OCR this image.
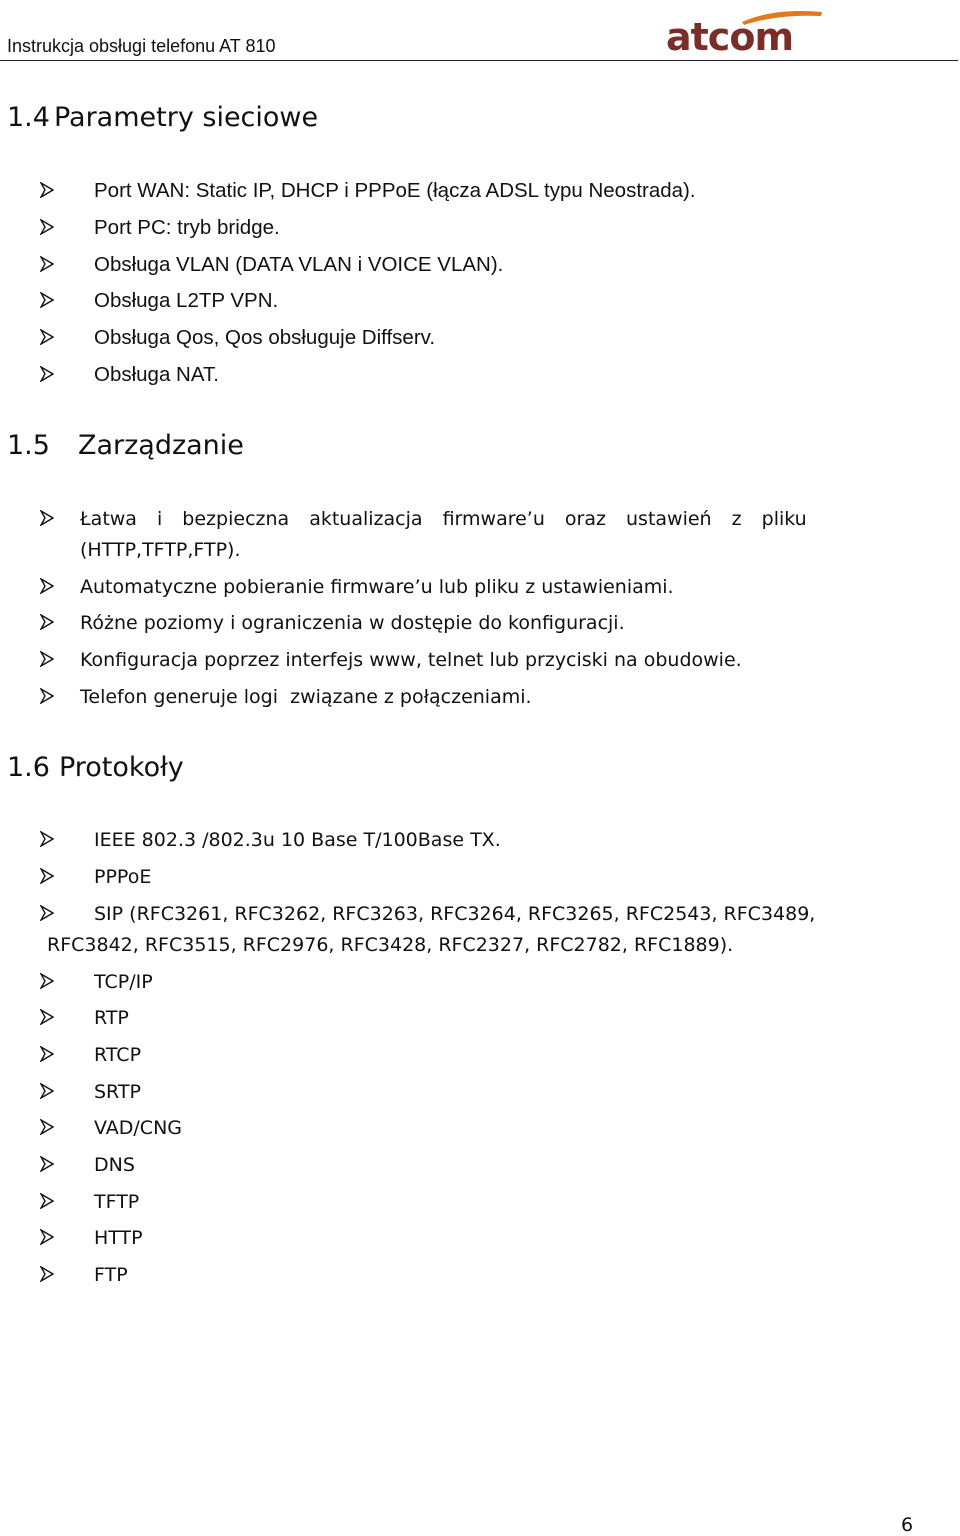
Instrukcja obsługi telefonu AT 810	atcom
1.4 Parametry sieciowe
Port WAN: Static IP, DHCP i PPPoE (łącza ADSL typu Neostrada).
Port PC: tryb bridge.
Obsługa VLAN (DATA VLAN i VOICE VLAN).
Obsługa L2TP VPN.
Obsługa Qos, Qos obsługuje Diffserv.
Obsługa NAT.
1.5 Zarządzanie
Łatwa i bezpieczna aktualizacja firmware’u oraz ustawień z pliku
(HTTP,TFTP,FTP).
Automatyczne pobieranie firmware’u lub pliku z ustawieniami.
Różne poziomy i ograniczenia w dostępie do konfiguracji.
Konfiguracja poprzez interfejs www, telnet lub przyciski na obudowie.
Telefon generuje logi  związane z połączeniami.
1.6 Protokoły
IEEE 802.3 /802.3u 10 Base T/100Base TX.
PPPoE
SIP (RFC3261, RFC3262, RFC3263, RFC3264, RFC3265, RFC2543, RFC3489,
RFC3842, RFC3515, RFC2976, RFC3428, RFC2327, RFC2782, RFC1889).
TCP/IP
RTP
RTCP
SRTP
VAD/CNG
DNS
TFTP
HTTP
FTP
6
